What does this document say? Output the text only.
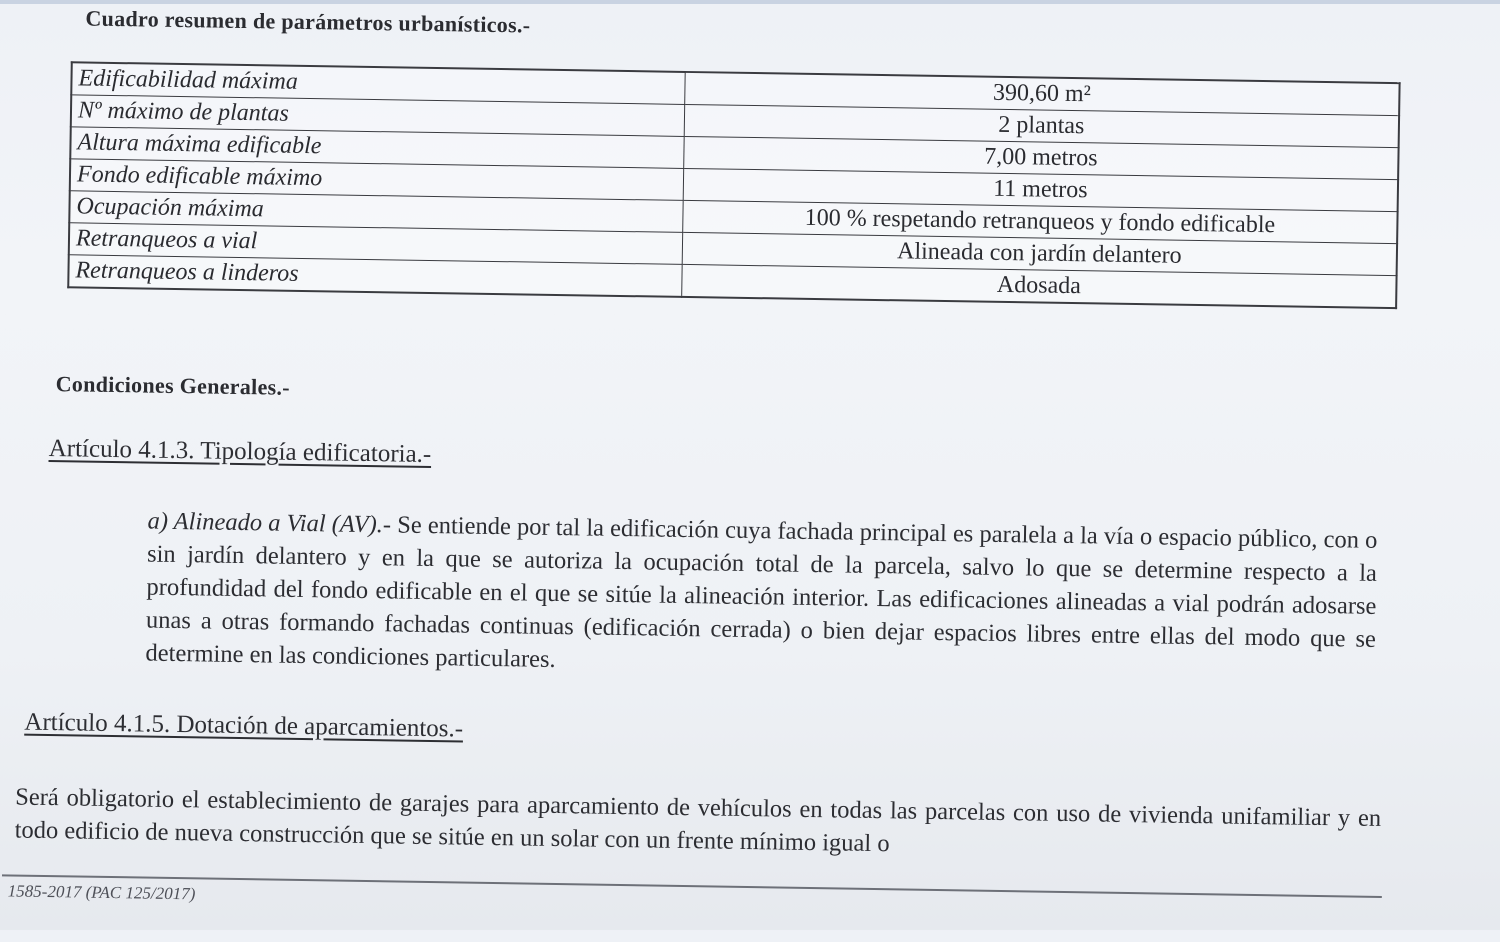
Cuadro resumen de parámetros urbanísticos.-
Edificabilidad máxima	390,60 m²
Nº máximo de plantas	2 plantas
Altura máxima edificable	7,00 metros
Fondo edificable máximo	11 metros
Ocupación máxima	100 % respetando retranqueos y fondo edificable
Retranqueos a vial	Alineada con jardín delantero
Retranqueos a linderos	Adosada
Condiciones Generales.-
Artículo 4.1.3. Tipología edificatoria.-
a) Alineado a Vial (AV).- Se entiende por tal la edificación cuya fachada principal es paralela a la vía o espacio público, con o sin jardín delantero y en la que se autoriza la ocupación total de la parcela, salvo lo que se determine respecto a la profundidad del fondo edificable en el que se sitúe la alineación interior. Las edificaciones alineadas a vial podrán adosarse unas a otras formando fachadas continuas (edificación cerrada) o bien dejar espacios libres entre ellas del modo que se determine en las condiciones particulares.
Artículo 4.1.5. Dotación de aparcamientos.-
Será obligatorio el establecimiento de garajes para aparcamiento de vehículos en todas las parcelas con uso de vivienda unifamiliar y en todo edificio de nueva construcción que se sitúe en un solar con un frente mínimo igual o
1585-2017 (PAC 125/2017)
